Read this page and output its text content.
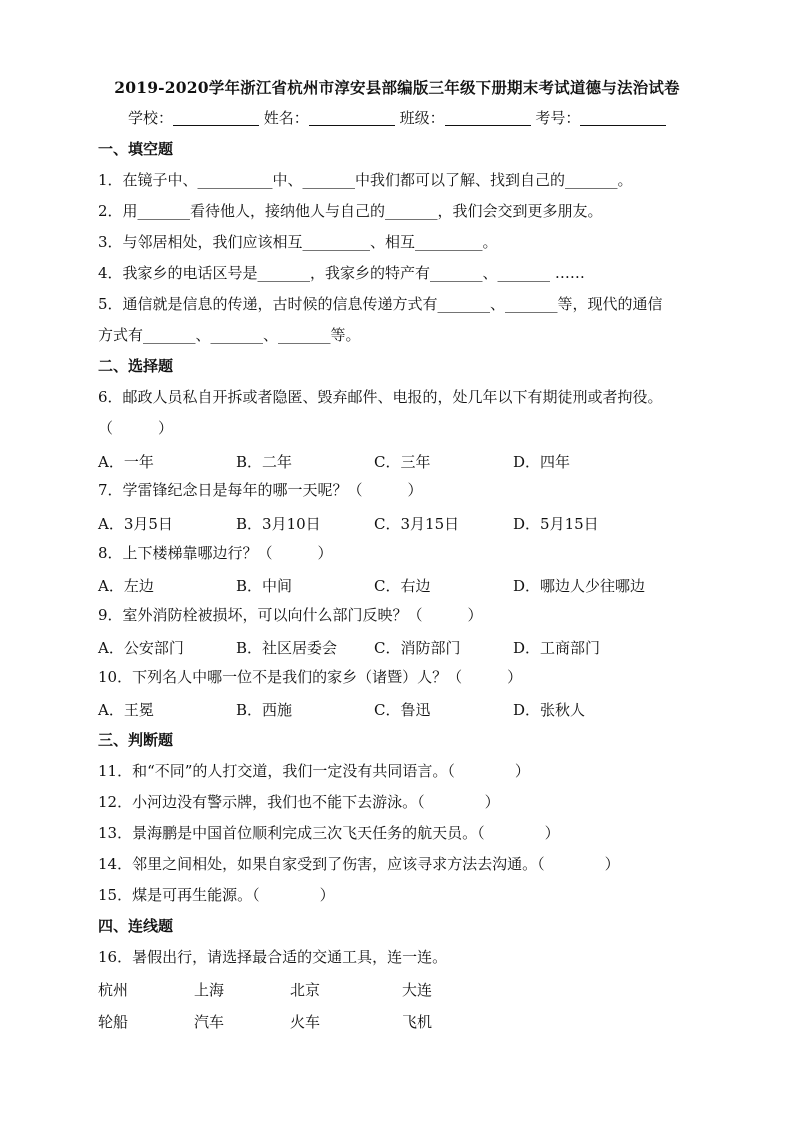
2019-2020学年浙江省杭州市淳安县部编版三年级下册期末考试道德与法治试卷
学校：	姓名：	班级：	考号：
一、填空题
1．在镜子中、__________中、_______中我们都可以了解、找到自己的_______。
2．用_______看待他人，接纳他人与自己的_______，我们会交到更多朋友。
3．与邻居相处，我们应该相互_________、相互_________。
4．我家乡的电话区号是_______，我家乡的特产有_______、_______ ……
5．通信就是信息的传递，古时候的信息传递方式有_______、_______等，现代的通信
方式有_______、_______、_______等。
二、选择题
6．邮政人员私自开拆或者隐匿、毁弃邮件、电报的，处几年以下有期徒刑或者拘役。
（　　　）
A．一年	B．二年	C．三年	D．四年
7．学雷锋纪念日是每年的哪一天呢？（　　　）
A．3月5日	B．3月10日	C．3月15日	D．5月15日
8．上下楼梯靠哪边行？（　　　）
A．左边	B．中间	C．右边	D．哪边人少往哪边
9．室外消防栓被损坏，可以向什么部门反映？（　　　）
A．公安部门	B．社区居委会 C．消防部门	D．工商部门
10．下列名人中哪一位不是我们的家乡（诸暨）人？（　　　）
A．王冕	B．西施	C．鲁迅	D．张秋人
三、判断题
11．和“不同”的人打交道，我们一定没有共同语言。（　　　　）
12．小河边没有警示牌，我们也不能下去游泳。（　　　　）
13．景海鹏是中国首位顺利完成三次飞天任务的航天员。（　　　　）
14．邻里之间相处，如果自家受到了伤害，应该寻求方法去沟通。（　　　　）
15．煤是可再生能源。（　　　　）
四、连线题
16．暑假出行，请选择最合适的交通工具，连一连。
杭州	上海	北京	大连
轮船	汽车	火车	飞机
